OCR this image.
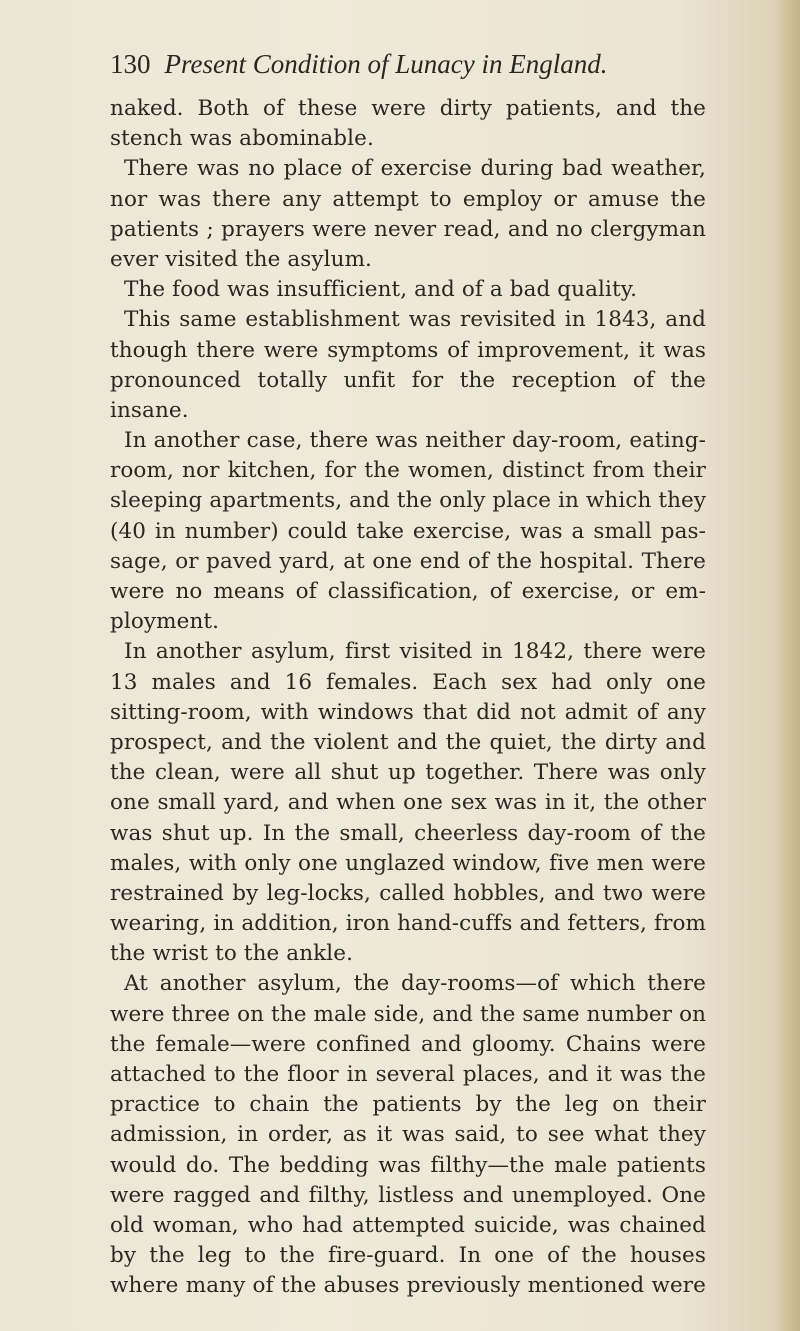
130 Present Condition of Lunacy in England.
naked. Both of these were dirty patients, and the
stench was abominable.
There was no place of exercise during bad weather,
nor was there any attempt to employ or amuse the
patients ; prayers were never read, and no clergyman
ever visited the asylum.
The food was insufficient, and of a bad quality.
This same establishment was revisited in 1843, and
though there were symptoms of improvement, it was
pronounced totally unfit for the reception of the
insane.
In another case, there was neither day-room, eating-
room, nor kitchen, for the women, distinct from their
sleeping apartments, and the only place in which they
(40 in number) could take exercise, was a small pas-
sage, or paved yard, at one end of the hospital. There
were no means of classification, of exercise, or em-
ployment.
In another asylum, first visited in 1842, there were
13 males and 16 females. Each sex had only one
sitting-room, with windows that did not admit of any
prospect, and the violent and the quiet, the dirty and
the clean, were all shut up together. There was only
one small yard, and when one sex was in it, the other
was shut up. In the small, cheerless day-room of the
males, with only one unglazed window, five men were
restrained by leg-locks, called hobbles, and two were
wearing, in addition, iron hand-cuffs and fetters, from
the wrist to the ankle.
At another asylum, the day-rooms—of which there
were three on the male side, and the same number on
the female—were confined and gloomy. Chains were
attached to the floor in several places, and it was the
practice to chain the patients by the leg on their
admission, in order, as it was said, to see what they
would do. The bedding was filthy—the male patients
were ragged and filthy, listless and unemployed. One
old woman, who had attempted suicide, was chained
by the leg to the fire-guard. In one of the houses
where many of the abuses previously mentioned were
